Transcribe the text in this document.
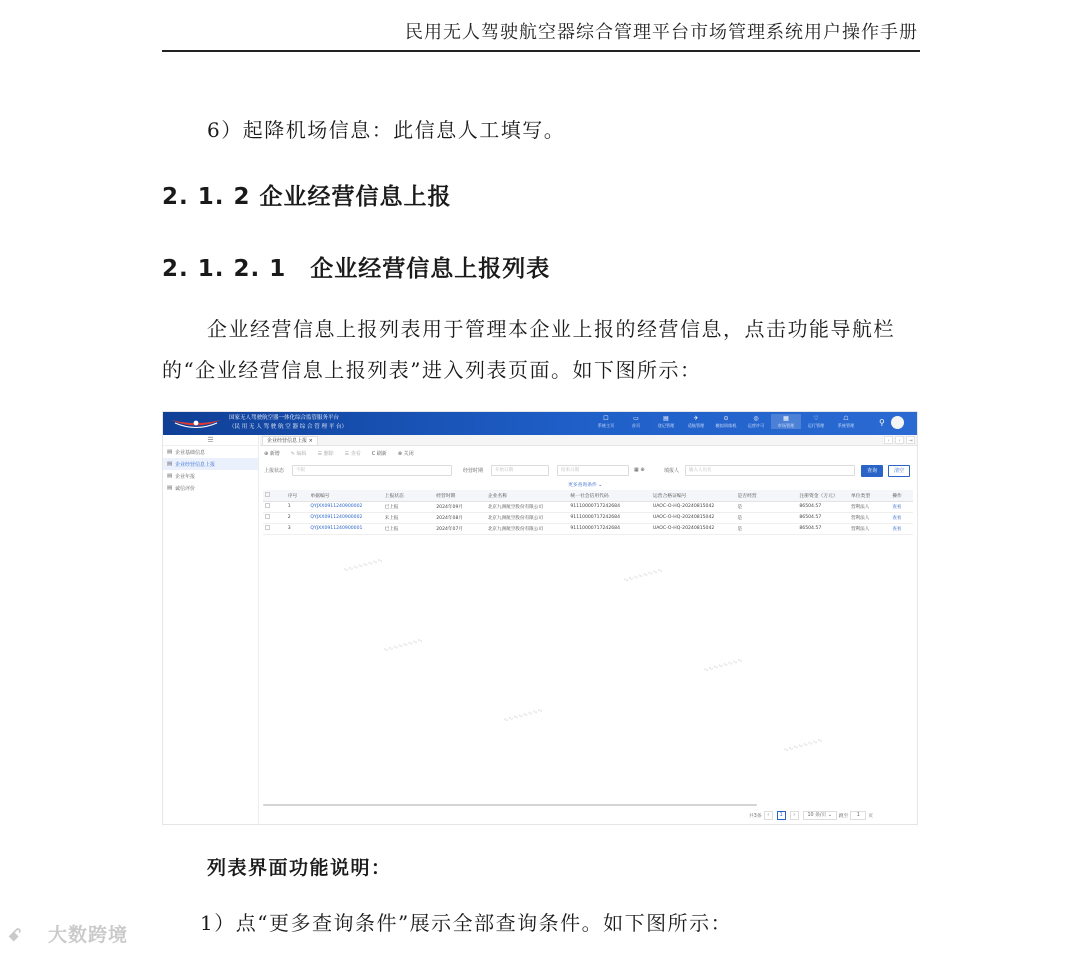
民用无人驾驶航空器综合管理平台市场管理系统用户操作手册
6）起降机场信息：此信息人工填写。
2. 1. 2 企业经营信息上报
2. 1. 2. 1　企业经营信息上报列表
企业经营信息上报列表用于管理本企业上报的经营信息，点击功能导航栏
的“企业经营信息上报列表”进入列表页面。如下图所示：
国家无人驾驶航空器一体化综合监管服务平台
（民 用 无 人 驾 驶 航 空 器 综 合 管 理 平 台）
☐
系统主页
▭
首页
▤
登记管理
✈
适航管理
⊙
模拟训练机
◎
运营许可
▦
市场管理
♡
运行管理
☖
系统管理	⚲
☰
▤ 企业基础信息
▤ 企业经营信息上报
▤ 企业年报
▤ 诚信评价
企业经营信息上报 ×	‹	›	⇥
⊕ 新增 ✎ 编辑 ☰ 删除 ☰ 查看 C 刷新 ⊗ 关闭
上报状态	不限	经营时期	开始日期	结束日期	▦ ⊕	填报人	输入人员名	查询	清空
更多查询条件 ⌄
	序号	单据编号	上报状态	经营时期	企业名称	统一社会信用代码	运营合格证编号	是否经营	注册资金（万元）	单位类型	操作
	1	QYJXX0911240900002	已上报	2024年09月	北京九洲航空股份有限公司	91110000717242684	UAOC-O-HQ-20240815042	是	86504.57	营利法人	查看
	2	QYJXX0911240900002	未上报	2024年08月	北京九洲航空股份有限公司	91110000717242684	UAOC-O-HQ-20240815042	是	86504.57	营利法人	查看
	3	QYJXX0911240900001	已上报	2024年07月	北京九洲航空股份有限公司	91110000717242684	UAOC-O-HQ-20240815042	是	86504.57	营利法人	查看
∿∿∿∿∿∿∿∿
∿∿∿∿∿∿∿∿
∿∿∿∿∿∿∿∿
∿∿∿∿∿∿∿∿
∿∿∿∿∿∿∿∿
∿∿∿∿∿∿∿∿
共3条	‹	1	›	10 条/页 ⌄	跳至	1	页
列表界面功能说明：
1）点“更多查询条件”展示全部查询条件。如下图所示：
ꗃ 大数跨境
